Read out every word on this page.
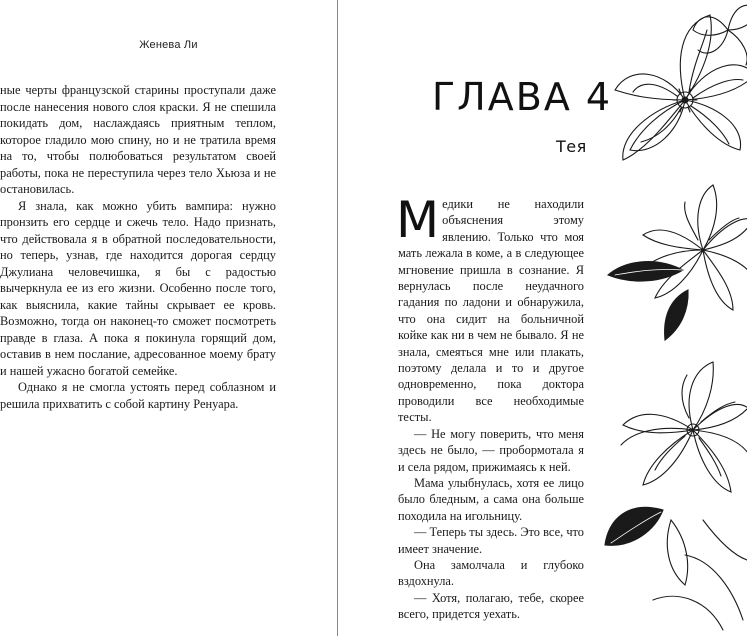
Женева Ли

ные черты французской старины проступали даже после нанесения нового слоя краски. Я не спешила покидать дом, наслаждаясь приятным теплом, которое гладило мою спину, но и не тратила время на то, чтобы полюбоваться результатом своей работы, пока не переступила через тело Хьюза и не остановилась.

Я знала, как можно убить вампира: нужно пронзить его сердце и сжечь тело. Надо признать, что действовала я в обратной последовательности, но теперь, узнав, где находится дорогая сердцу Джулиана человечишка, я бы с радостью вычеркнула ее из его жизни. Особенно после того, как выяснила, какие тайны скрывает ее кровь. Возможно, тогда он наконец-то сможет посмотреть правде в глаза. А пока я покинула горящий дом, оставив в нем послание, адресованное моему брату и нашей ужасно богатой семейке.

Однако я не смогла устоять перед соблазном и решила прихватить с собой картину Ренуара.

ГЛАВА 4
Тея

Медики не находили объяснения этому явлению. Только что моя мать лежала в коме, а в следующее мгновение пришла в сознание. Я вернулась после неудачного гадания по ладони и обнаружила, что она сидит на больничной койке как ни в чем не бывало. Я не знала, смеяться мне или плакать, поэтому делала и то и другое одновременно, пока доктора проводили все необходимые тесты.

— Не могу поверить, что меня здесь не было, — пробормотала я и села рядом, прижимаясь к ней.

Мама улыбнулась, хотя ее лицо было бледным, а сама она больше походила на игольницу.

— Теперь ты здесь. Это все, что имеет значение.

Она замолчала и глубоко вздохнула.

— Хотя, полагаю, тебе, скорее всего, придется уехать.
